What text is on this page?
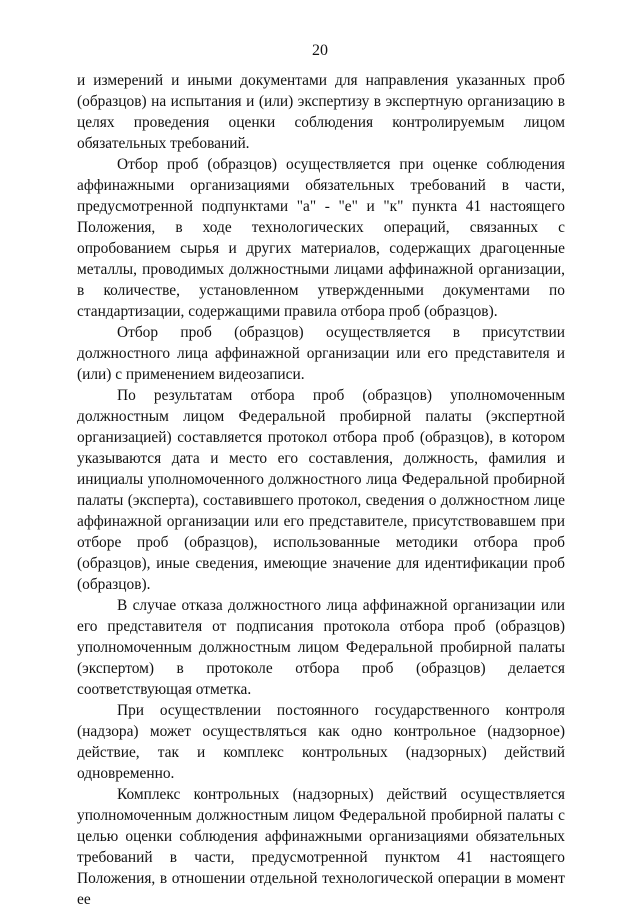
20

и измерений и иными документами для направления указанных проб (образцов) на испытания и (или) экспертизу в экспертную организацию в целях проведения оценки соблюдения контролируемым лицом обязательных требований.

Отбор проб (образцов) осуществляется при оценке соблюдения аффинажными организациями обязательных требований в части, предусмотренной подпунктами "а" - "е" и "к" пункта 41 настоящего Положения, в ходе технологических операций, связанных с опробованием сырья и других материалов, содержащих драгоценные металлы, проводимых должностными лицами аффинажной организации, в количестве, установленном утвержденными документами по стандартизации, содержащими правила отбора проб (образцов).

Отбор проб (образцов) осуществляется в присутствии должностного лица аффинажной организации или его представителя и (или) с применением видеозаписи.

По результатам отбора проб (образцов) уполномоченным должностным лицом Федеральной пробирной палаты (экспертной организацией) составляется протокол отбора проб (образцов), в котором указываются дата и место его составления, должность, фамилия и инициалы уполномоченного должностного лица Федеральной пробирной палаты (эксперта), составившего протокол, сведения о должностном лице аффинажной организации или его представителе, присутствовавшем при отборе проб (образцов), использованные методики отбора проб (образцов), иные сведения, имеющие значение для идентификации проб (образцов).

В случае отказа должностного лица аффинажной организации или его представителя от подписания протокола отбора проб (образцов) уполномоченным должностным лицом Федеральной пробирной палаты (экспертом) в протоколе отбора проб (образцов) делается соответствующая отметка.

При осуществлении постоянного государственного контроля (надзора) может осуществляться как одно контрольное (надзорное) действие, так и комплекс контрольных (надзорных) действий одновременно.

Комплекс контрольных (надзорных) действий осуществляется уполномоченным должностным лицом Федеральной пробирной палаты с целью оценки соблюдения аффинажными организациями обязательных требований в части, предусмотренной пунктом 41 настоящего Положения, в отношении отдельной технологической операции в момент ее
